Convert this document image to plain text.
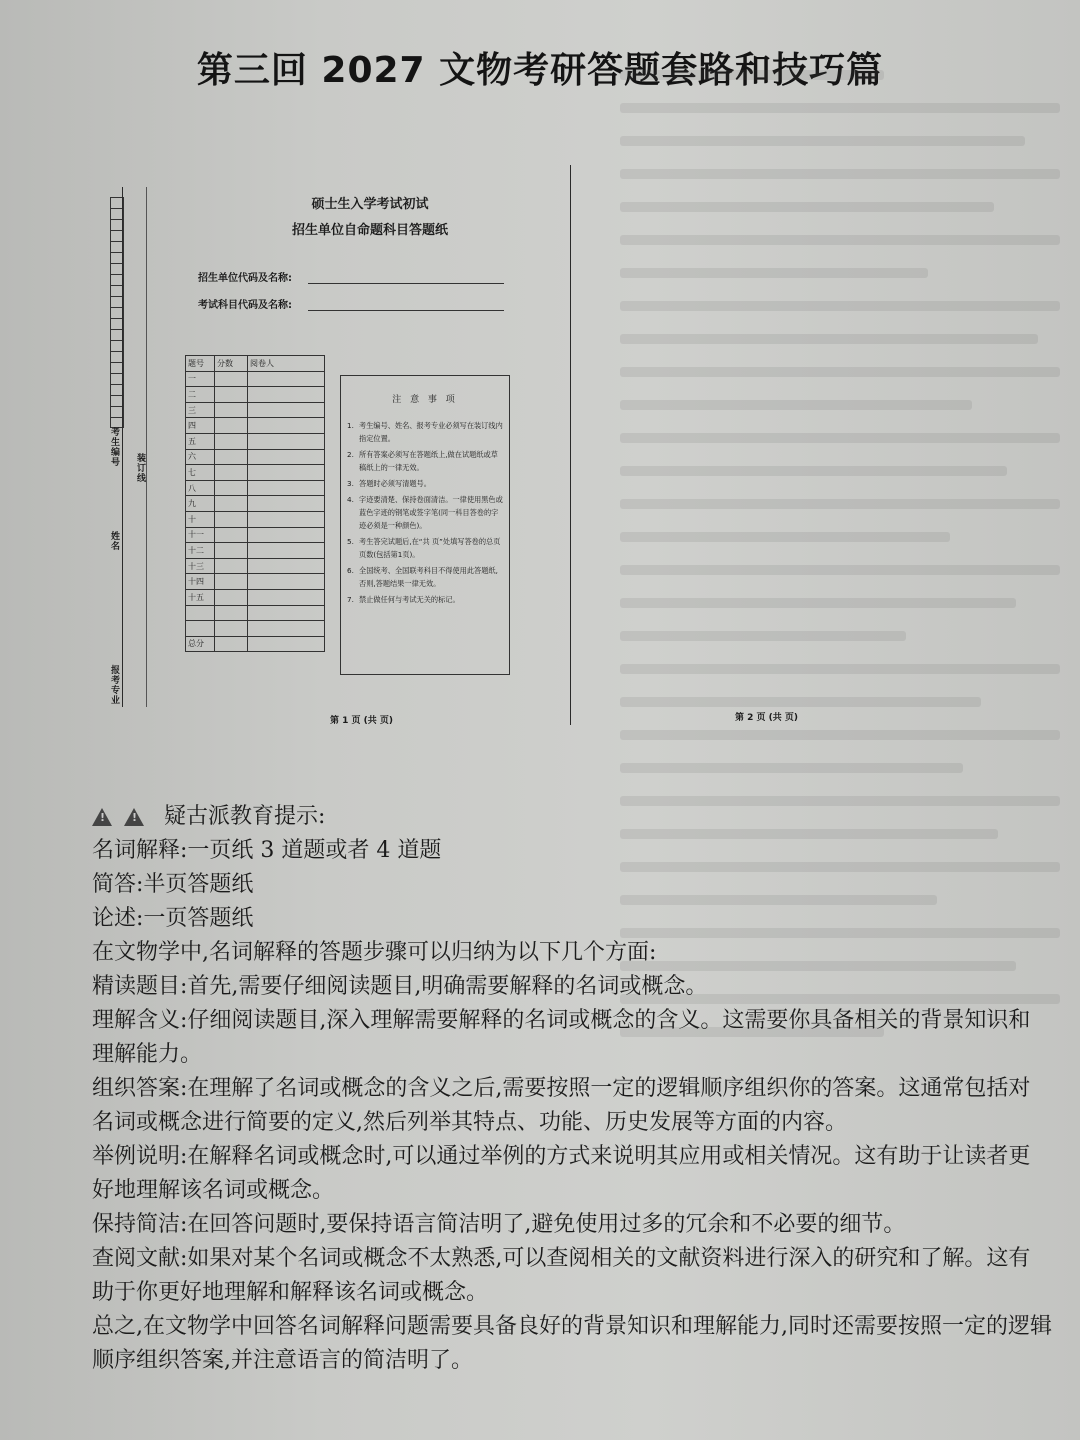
第三回 2027 文物考研答题套路和技巧篇
考生编号
装订线
姓名
报考专业
硕士生入学考试初试
招生单位自命题科目答题纸
招生单位代码及名称:
考试科目代码及名称:
题号	分数	阅卷人
一		
二		
三		
四		
五		
六		
七		
八		
九		
十		
十一		
十二		
十三		
十四		
十五		

总分		
注 意 事 项
1. 考生编号、姓名、报考专业必须写在装订线内指定位置。
2. 所有答案必须写在答题纸上,做在试题纸或草稿纸上的一律无效。
3. 答题时必须写清题号。
4. 字迹要清楚、保持卷面清洁。一律使用黑色或蓝色字迹的钢笔或签字笔(同一科目答卷的字迹必须是一种颜色)。
5. 考生答完试题后,在“共 页”处填写答卷的总页页数(包括第1页)。
6. 全国统考、全国联考科目不得使用此答题纸,否则,答题结果一律无效。
7. 禁止做任何与考试无关的标记。
第 1 页 (共 页)	第 2 页 (共 页)
!
!
疑古派教育提示:

名词解释:一页纸 3 道题或者 4 道题

简答:半页答题纸

论述:一页答题纸

在文物学中,名词解释的答题步骤可以归纳为以下几个方面:

精读题目:首先,需要仔细阅读题目,明确需要解释的名词或概念。

理解含义:仔细阅读题目,深入理解需要解释的名词或概念的含义。这需要你具备相关的背景知识和理解能力。

组织答案:在理解了名词或概念的含义之后,需要按照一定的逻辑顺序组织你的答案。这通常包括对名词或概念进行简要的定义,然后列举其特点、功能、历史发展等方面的内容。

举例说明:在解释名词或概念时,可以通过举例的方式来说明其应用或相关情况。这有助于让读者更好地理解该名词或概念。

保持简洁:在回答问题时,要保持语言简洁明了,避免使用过多的冗余和不必要的细节。

查阅文献:如果对某个名词或概念不太熟悉,可以查阅相关的文献资料进行深入的研究和了解。这有助于你更好地理解和解释该名词或概念。

总之,在文物学中回答名词解释问题需要具备良好的背景知识和理解能力,同时还需要按照一定的逻辑顺序组织答案,并注意语言的简洁明了。
